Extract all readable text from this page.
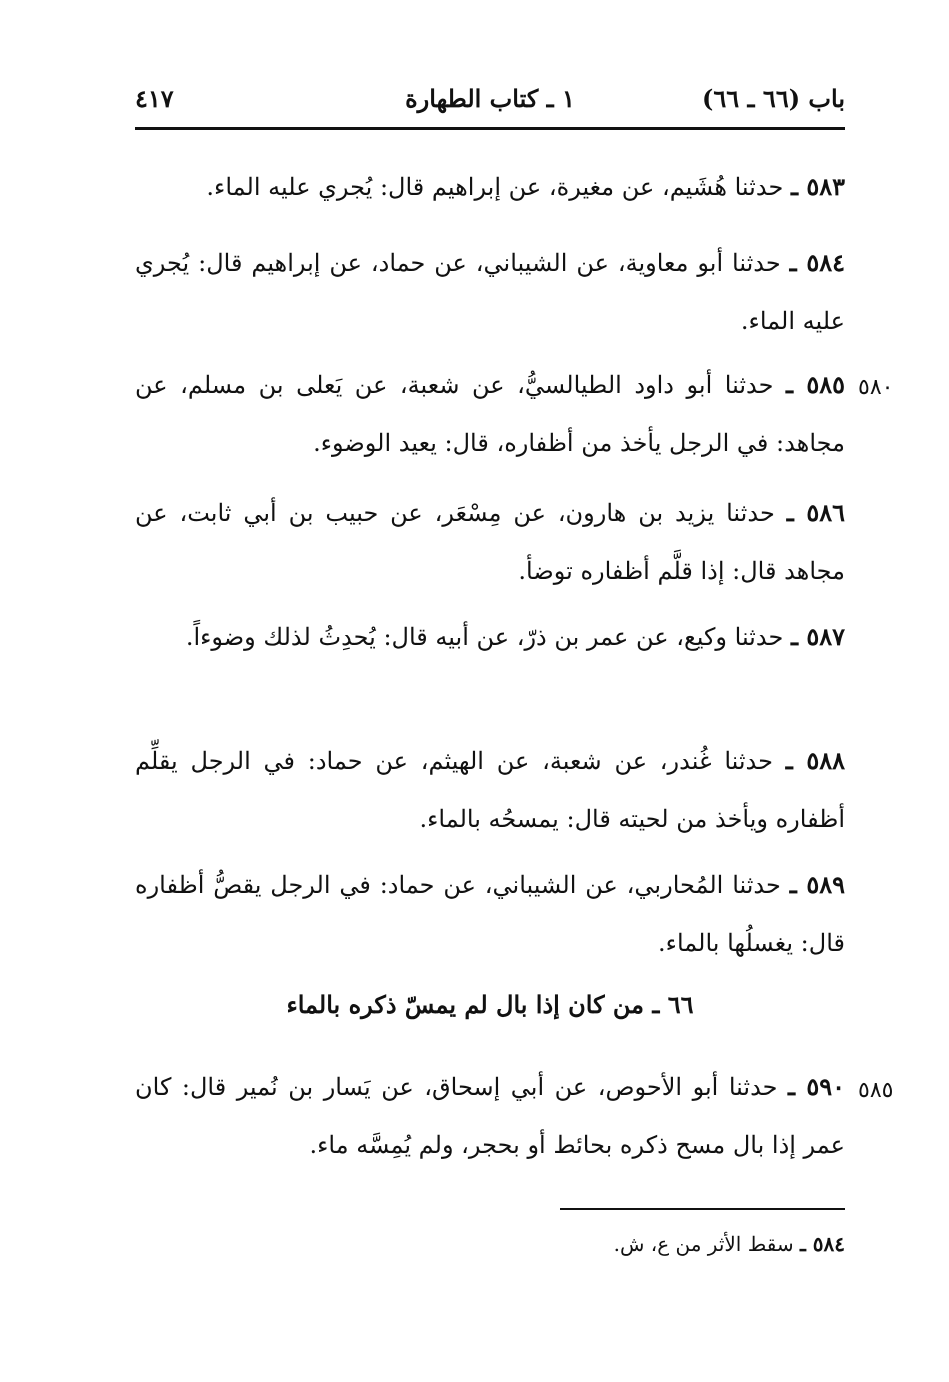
باب (٦٦ ـ ٦٦)
١ ـ كتاب الطهارة
٤١٧
٥٨٣ ـ حدثنا هُشَيم، عن مغيرة، عن إبراهيم قال: يُجري عليه الماء.
٥٨٤ ـ حدثنا أبو معاوية، عن الشيباني، عن حماد، عن إبراهيم قال: يُجري عليه الماء.
٥٨٠
٥٨٥ ـ حدثنا أبو داود الطيالسيُّ، عن شعبة، عن يَعلى بن مسلم، عن مجاهد: في الرجل يأخذ من أظفاره، قال: يعيد الوضوء.
٥٨٦ ـ حدثنا يزيد بن هارون، عن مِسْعَر، عن حبيب بن أبي ثابت، عن مجاهد قال: إذا قلَّم أظفاره توضأ.
٥٨٧ ـ حدثنا وكيع، عن عمر بن ذرّ، عن أبيه قال: يُحدِثُ لذلك وضوءاً.
٥٨٨ ـ حدثنا غُندر، عن شعبة، عن الهيثم، عن حماد: في الرجل يقلِّم أظفاره ويأخذ من لحيته قال: يمسحُه بالماء.
٥٨٩ ـ حدثنا المُحاربي، عن الشيباني، عن حماد: في الرجل يقصُّ أظفاره قال: يغسلُها بالماء.
٦٦ ـ من كان إذا بال لم يمسّ ذكره بالماء
٥٨٥
٥٩٠ ـ حدثنا أبو الأحوص، عن أبي إسحاق، عن يَسار بن نُمير قال: كان عمر إذا بال مسح ذكره بحائط أو بحجر، ولم يُمِسَّه ماء.
٥٨٤ ـ سقط الأثر من ع، ش.
